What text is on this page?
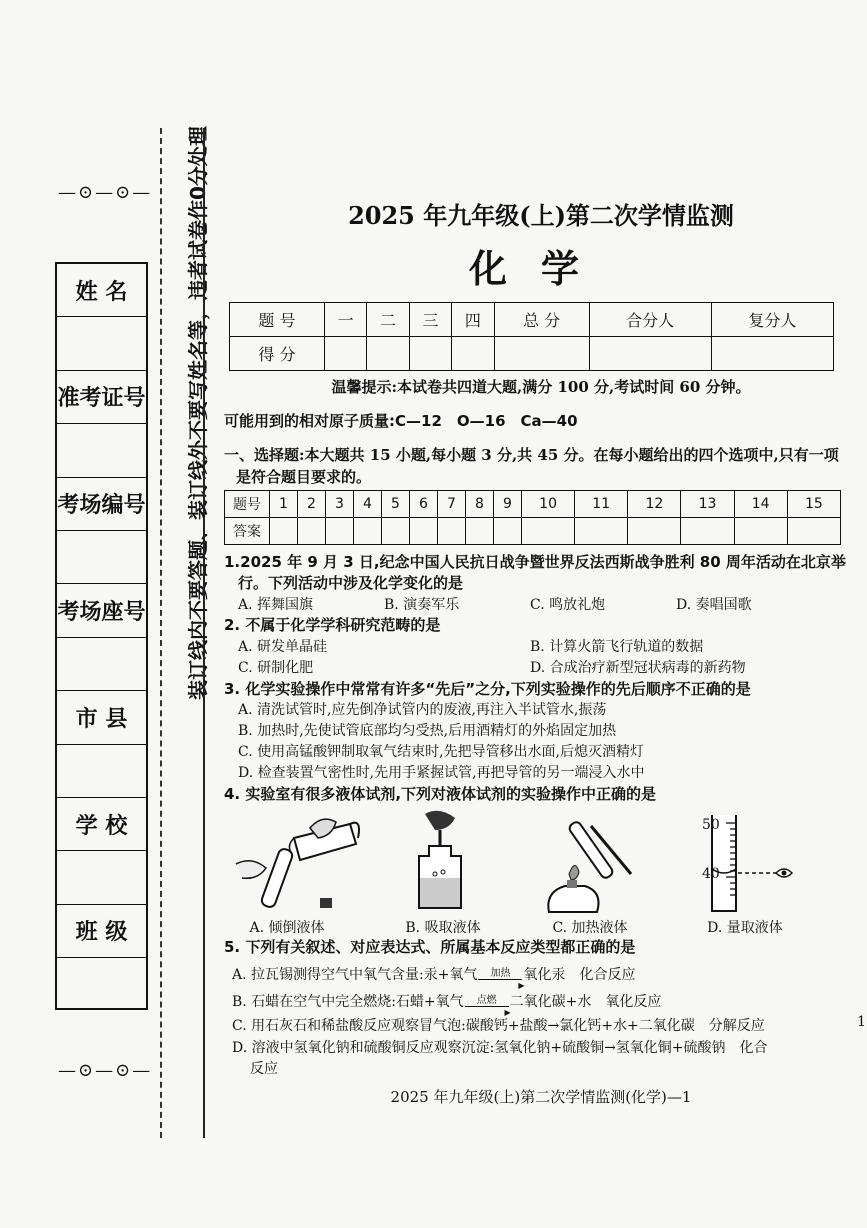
—⊙—⊙—
姓 名
准考证号
考场编号
考场座号
市 县
学 校
班 级
—⊙—⊙—
装订线内不要答题、装订线外不要写姓名等，违者试卷作0分处理	2025 年九年级(上)第二次学情监测
化学
题 号	一	二	三	四	总 分	合分人	复分人
得 分							
温馨提示:本试卷共四道大题,满分 100 分,考试时间 60 分钟。
可能用到的相对原子质量:C—12　O—16　Ca—40
一、选择题:本大题共 15 小题,每小题 3 分,共 45 分。在每小题给出的四个选项中,只有一项
是符合题目要求的。
题号	1	2	3	4	5	6	7	8	9	10	11	12	13	14	15
答案															
1.2025 年 9 月 3 日,纪念中国人民抗日战争暨世界反法西斯战争胜利 80 周年活动在北京举
行。下列活动中涉及化学变化的是
A. 挥舞国旗	B. 演奏军乐	C. 鸣放礼炮	D. 奏唱国歌
2. 不属于化学学科研究范畴的是
A. 研发单晶硅	B. 计算火箭飞行轨道的数据
C. 研制化肥	D. 合成治疗新型冠状病毒的新药物
3. 化学实验操作中常常有许多“先后”之分,下列实验操作的先后顺序不正确的是
A. 清洗试管时,应先倒净试管内的废液,再注入半试管水,振荡
B. 加热时,先使试管底部均匀受热,后用酒精灯的外焰固定加热
C. 使用高锰酸钾制取氧气结束时,先把导管移出水面,后熄灭酒精灯
D. 检查装置气密性时,先用手紧握试管,再把导管的另一端浸入水中
4. 实验室有很多液体试剂,下列对液体试剂的实验操作中正确的是
50
40
A. 倾倒液体	B. 吸取液体	C. 加热液体	D. 量取液体
5. 下列有关叙述、对应表达式、所属基本反应类型都正确的是
A. 拉瓦锡测得空气中氧气含量:汞+氧气 加热
▶
氧化汞　化合反应
B. 石蜡在空气中完全燃烧:石蜡+氧气 点燃
▶
二氧化碳+水　氧化反应
C. 用石灰石和稀盐酸反应观察冒气泡:碳酸钙+盐酸→氯化钙+水+二氧化碳　分解反应
D. 溶液中氢氧化钠和硫酸铜反应观察沉淀:氢氧化钠+硫酸铜→氢氧化铜+硫酸钠　化合
反应
2025 年九年级(上)第二次学情监测(化学)—1
1
